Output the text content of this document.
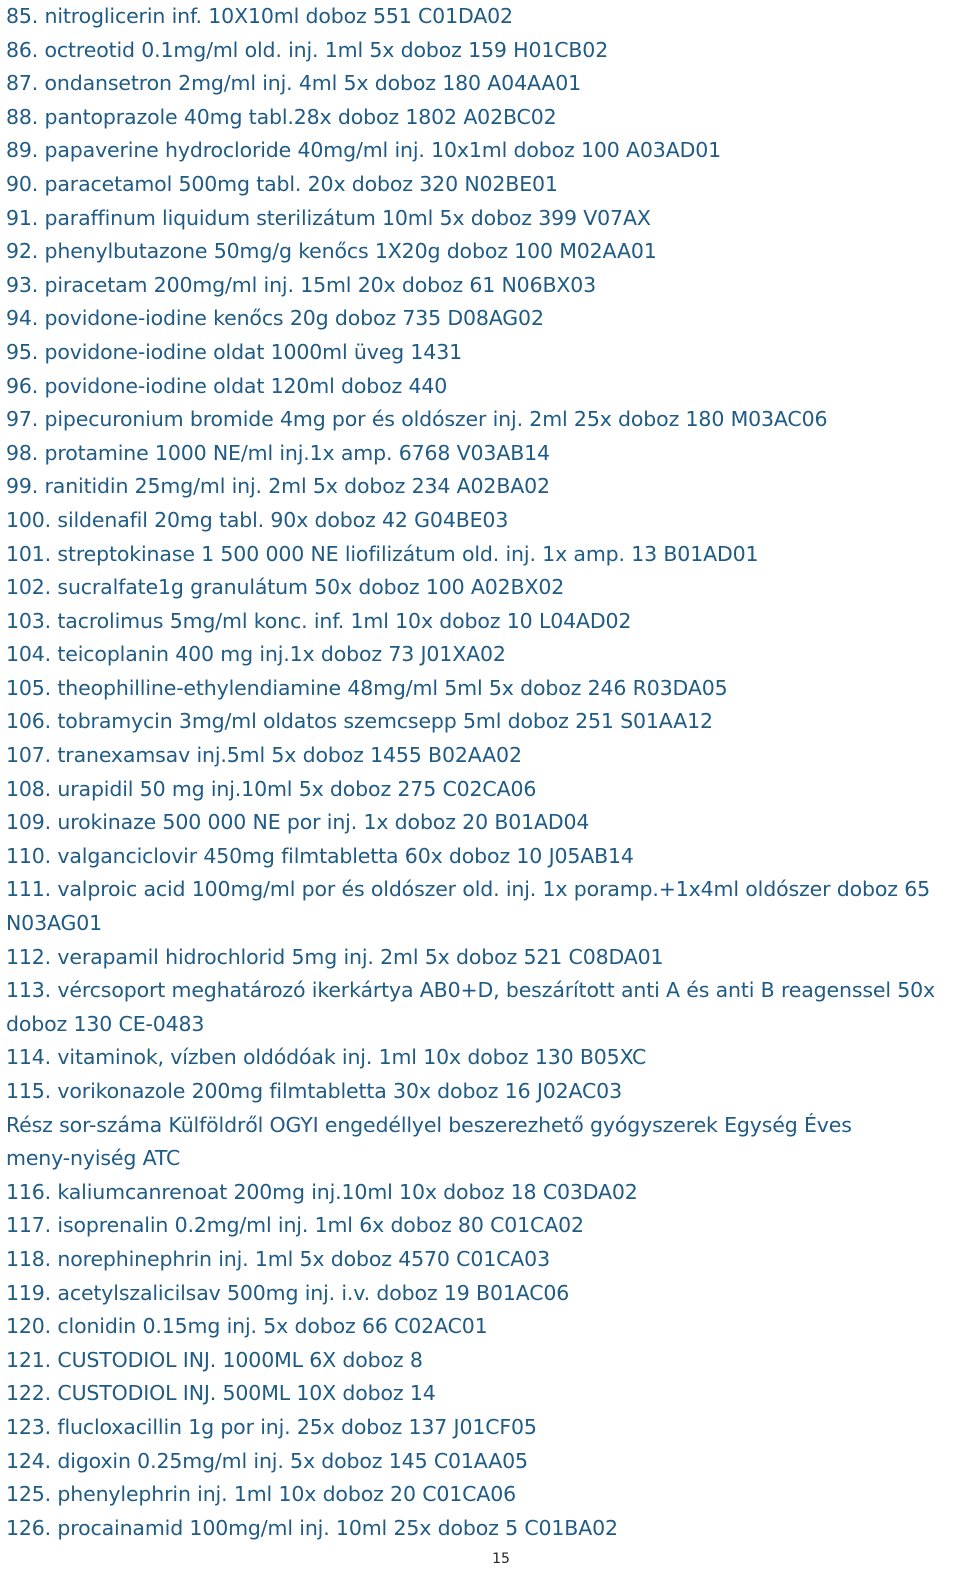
85. nitroglicerin inf. 10X10ml doboz 551 C01DA02
86. octreotid 0.1mg/ml old. inj. 1ml 5x doboz 159 H01CB02
87. ondansetron 2mg/ml inj. 4ml 5x doboz 180 A04AA01
88. pantoprazole 40mg tabl.28x doboz 1802 A02BC02
89. papaverine hydrocloride 40mg/ml inj. 10x1ml doboz 100 A03AD01
90. paracetamol 500mg tabl. 20x doboz 320 N02BE01
91. paraffinum liquidum sterilizátum 10ml 5x doboz 399 V07AX
92. phenylbutazone 50mg/g kenőcs 1X20g doboz 100 M02AA01
93. piracetam 200mg/ml inj. 15ml 20x doboz 61 N06BX03
94. povidone-iodine kenőcs 20g doboz 735 D08AG02
95. povidone-iodine oldat 1000ml üveg 1431
96. povidone-iodine oldat 120ml doboz 440
97. pipecuronium bromide 4mg por és oldószer inj. 2ml 25x doboz 180 M03AC06
98. protamine 1000 NE/ml inj.1x amp. 6768 V03AB14
99. ranitidin 25mg/ml inj. 2ml 5x doboz 234 A02BA02
100. sildenafil 20mg tabl. 90x doboz 42 G04BE03
101. streptokinase 1 500 000 NE liofilizátum old. inj. 1x amp. 13 B01AD01
102. sucralfate1g granulátum 50x doboz 100 A02BX02
103. tacrolimus 5mg/ml konc. inf. 1ml 10x doboz 10 L04AD02
104. teicoplanin 400 mg inj.1x doboz 73 J01XA02
105. theophilline-ethylendiamine 48mg/ml 5ml 5x doboz 246 R03DA05
106. tobramycin 3mg/ml oldatos szemcsepp 5ml doboz 251 S01AA12
107. tranexamsav inj.5ml 5x doboz 1455 B02AA02
108. urapidil 50 mg inj.10ml 5x doboz 275 C02CA06
109. urokinaze 500 000 NE por inj. 1x doboz 20 B01AD04
110. valganciclovir 450mg filmtabletta 60x doboz 10 J05AB14
111. valproic acid 100mg/ml por és oldószer old. inj. 1x poramp.+1x4ml oldószer doboz 65
N03AG01
112. verapamil hidrochlorid 5mg inj. 2ml 5x doboz 521 C08DA01
113. vércsoport meghatározó ikerkártya AB0+D, beszárított anti A és anti B reagenssel 50x
doboz 130 CE-0483
114. vitaminok, vízben oldódóak inj. 1ml 10x doboz 130 B05XC
115. vorikonazole 200mg filmtabletta 30x doboz 16 J02AC03
Rész sor-száma Külföldről OGYI engedéllyel beszerezhető gyógyszerek Egység Éves
meny-nyiség ATC
116. kaliumcanrenoat 200mg inj.10ml 10x doboz 18 C03DA02
117. isoprenalin 0.2mg/ml inj. 1ml 6x doboz 80 C01CA02
118. norephinephrin inj. 1ml 5x doboz 4570 C01CA03
119. acetylszalicilsav 500mg inj. i.v. doboz 19 B01AC06
120. clonidin 0.15mg inj. 5x doboz 66 C02AC01
121. CUSTODIOL INJ. 1000ML 6X doboz 8
122. CUSTODIOL INJ. 500ML 10X doboz 14
123. flucloxacillin 1g por inj. 25x doboz 137 J01CF05
124. digoxin 0.25mg/ml inj. 5x doboz 145 C01AA05
125. phenylephrin inj. 1ml 10x doboz 20 C01CA06
126. procainamid 100mg/ml inj. 10ml 25x doboz 5 C01BA02
15
